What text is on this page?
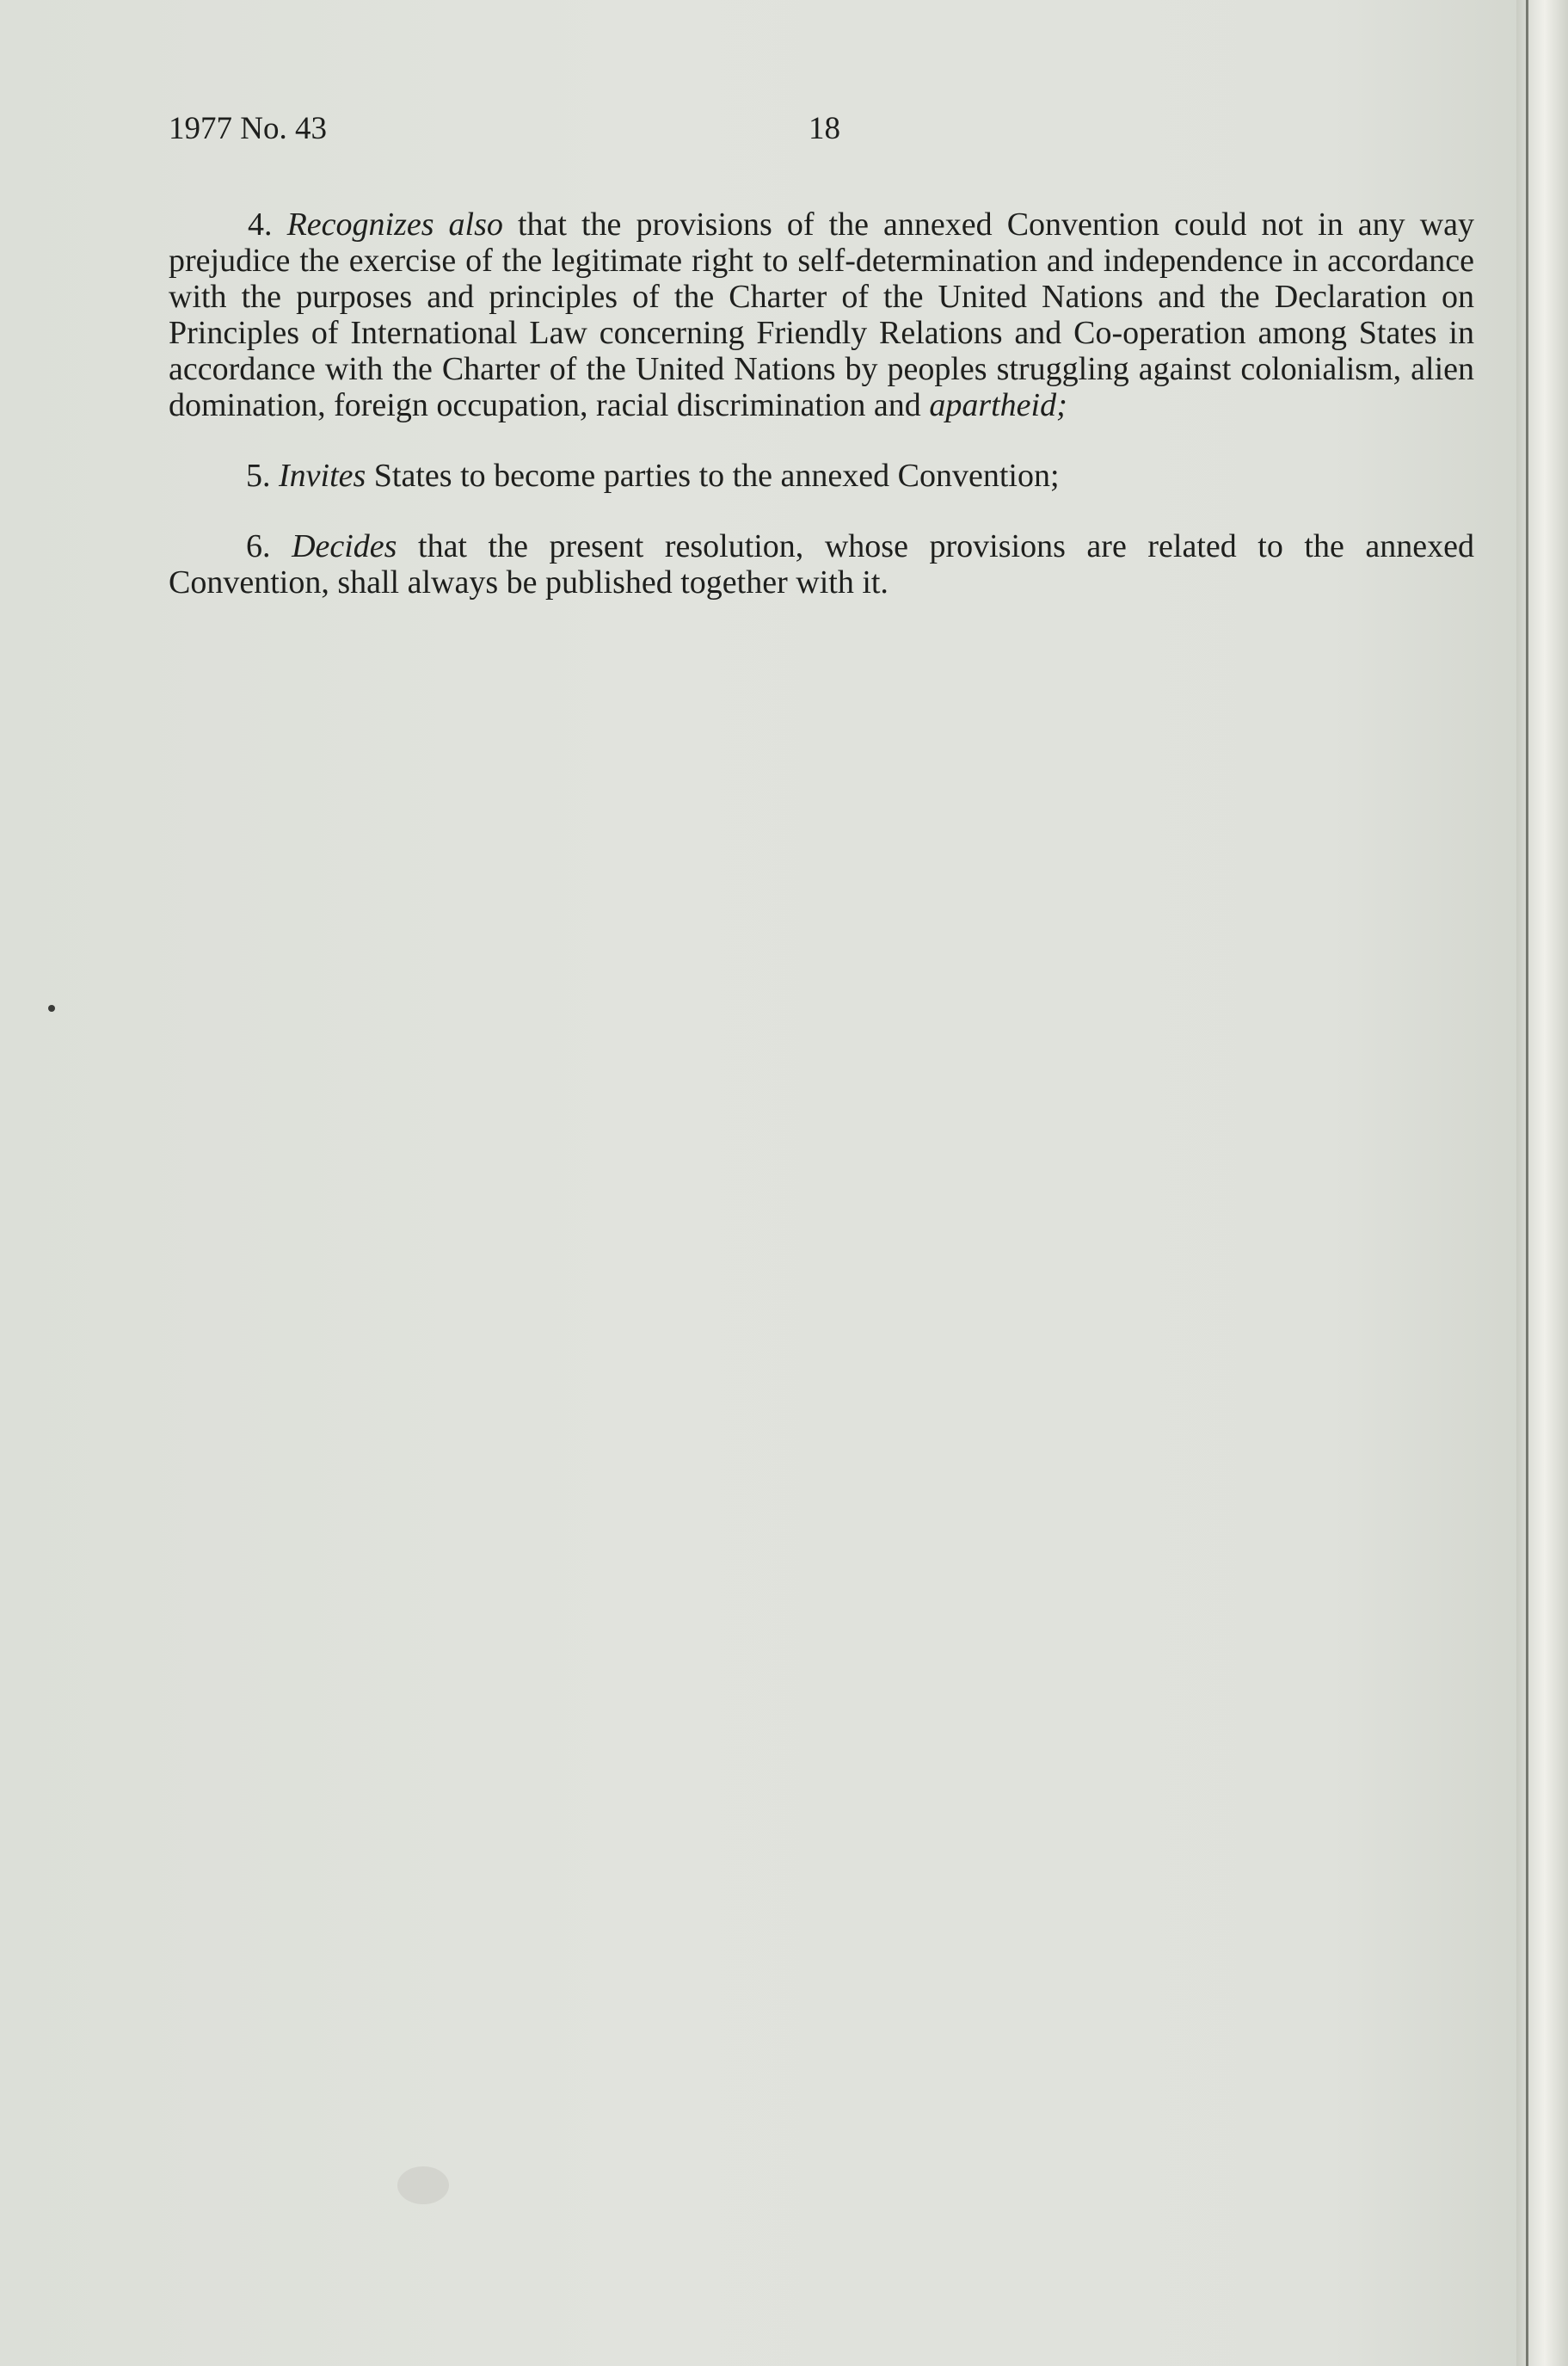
1977 No. 43	18

4. Recognizes also that the provisions of the annexed Convention could not in any way prejudice the exercise of the legitimate right to self-determination and independence in accordance with the purposes and principles of the Charter of the United Nations and the Declaration on Principles of International Law concerning Friendly Relations and Co-operation among States in accordance with the Charter of the United Nations by peoples struggling against colonialism, alien domination, foreign occupation, racial discrimination and apartheid;

5. Invites States to become parties to the annexed Convention;

6. Decides that the present resolution, whose provisions are related to the annexed Convention, shall always be published together with it.
